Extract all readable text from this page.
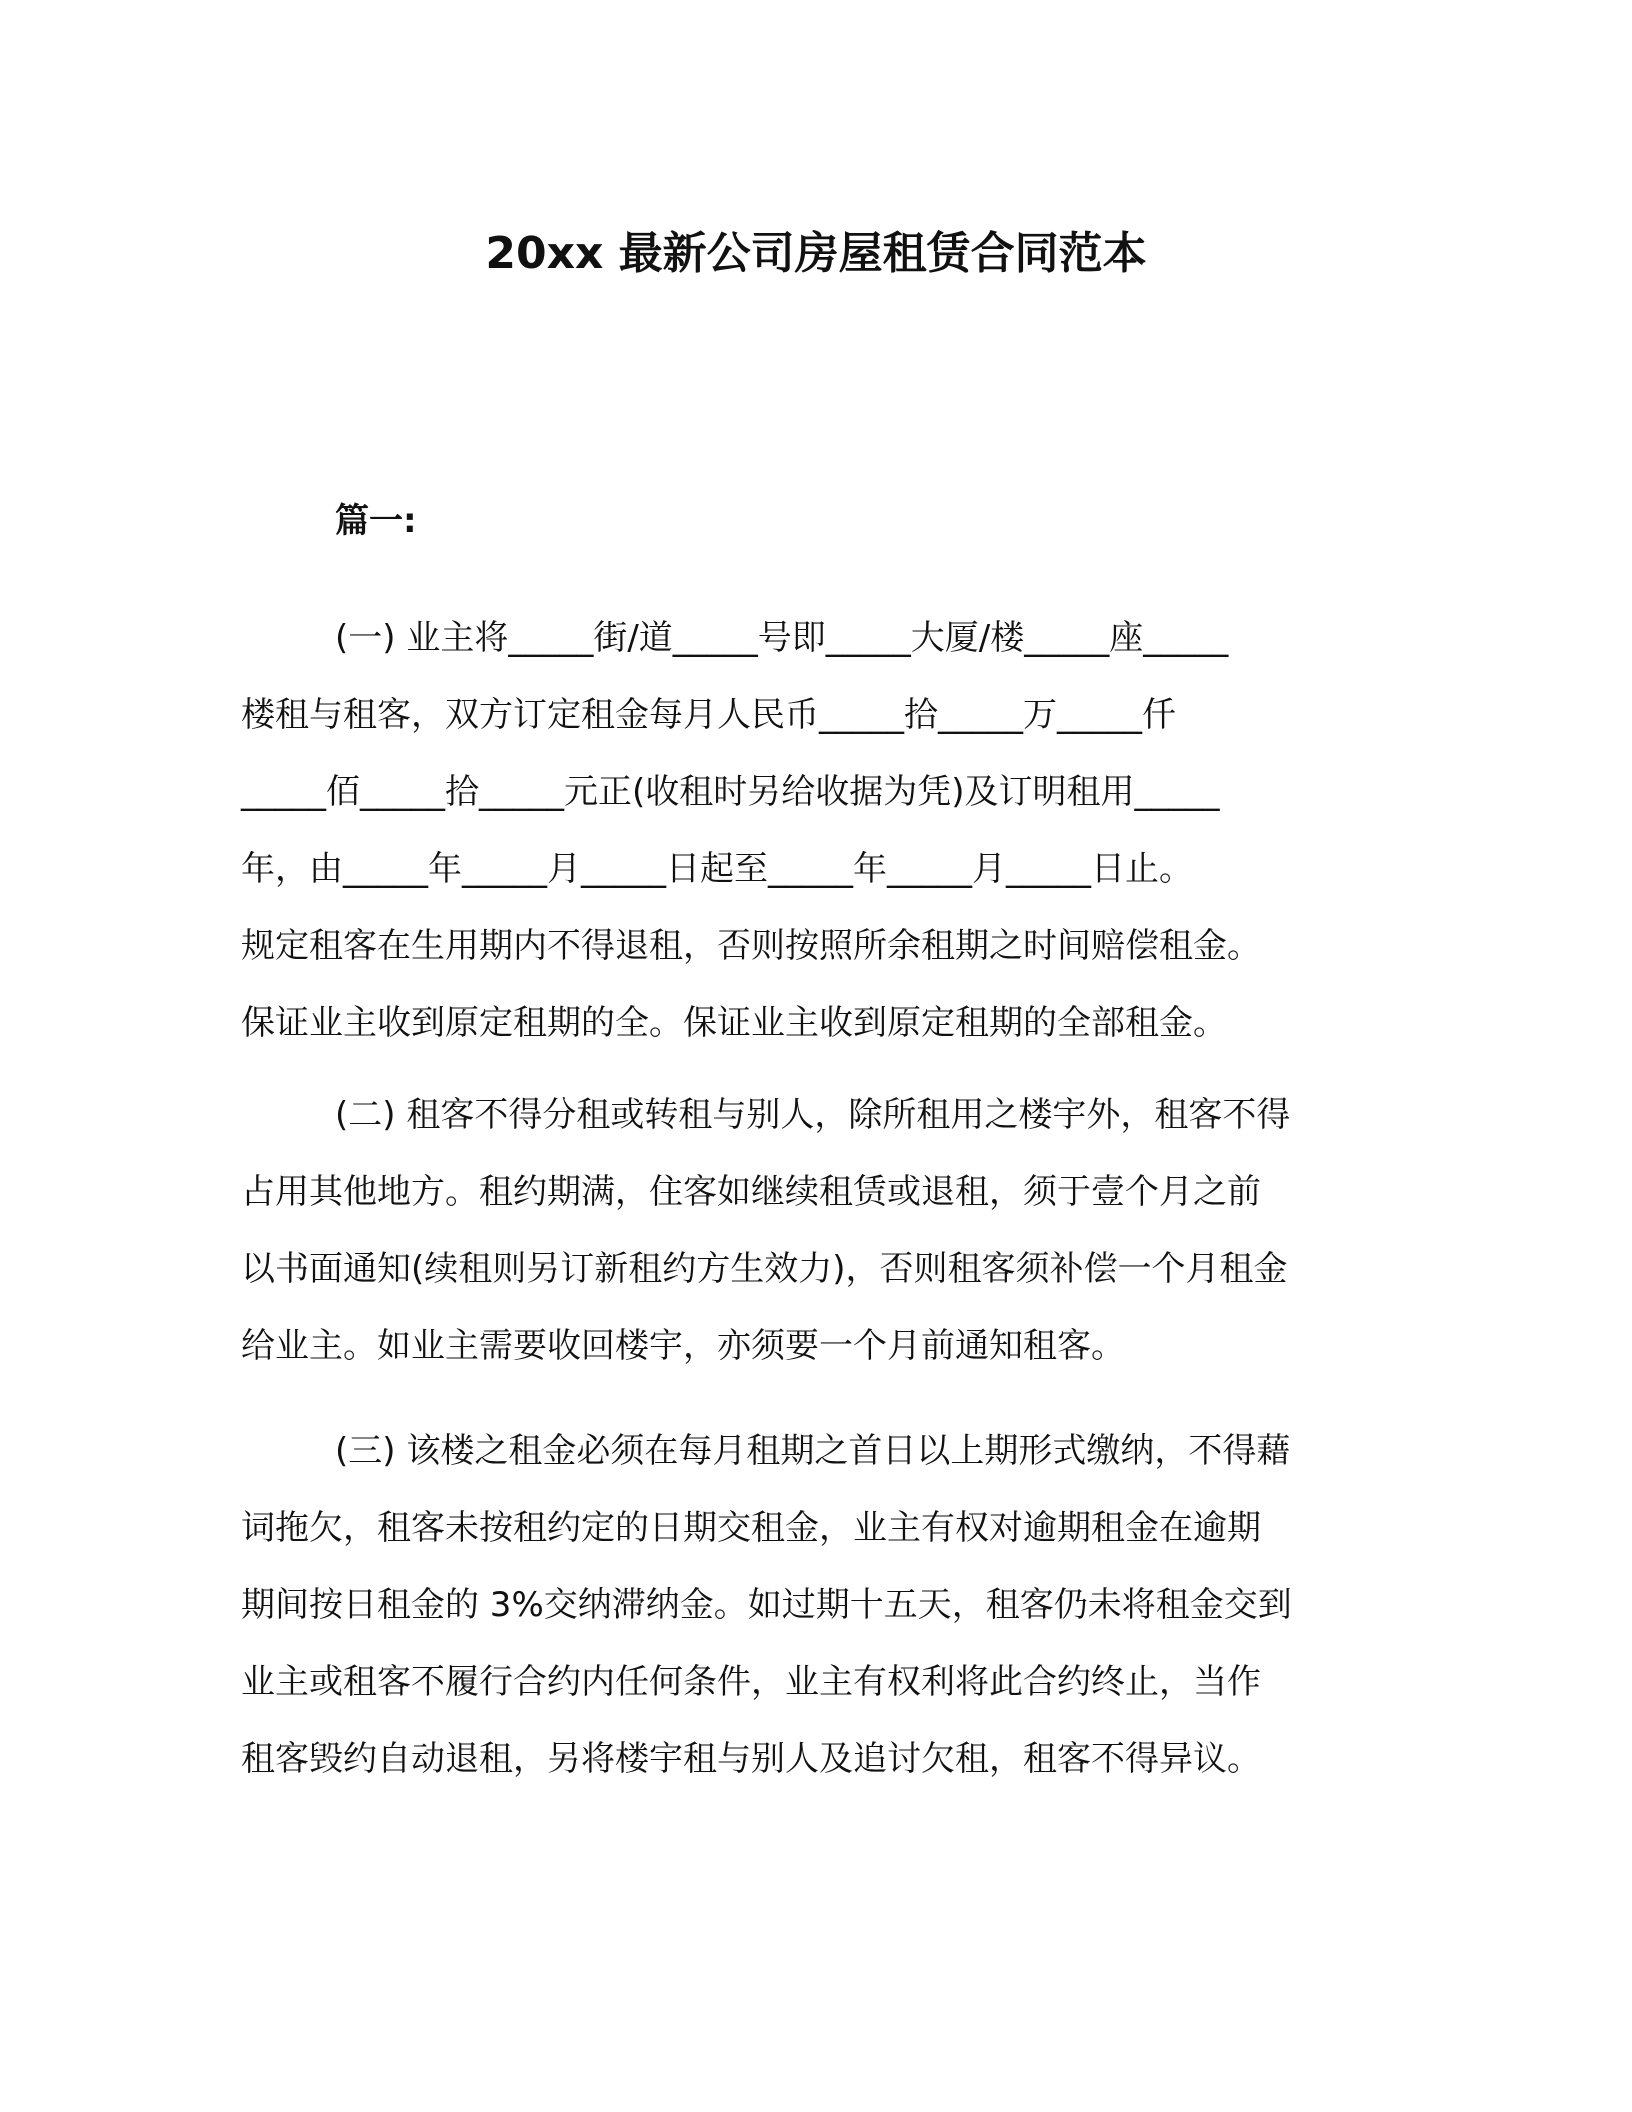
20xx 最新公司房屋租赁合同范本
篇一:
(一) 业主将_____街/道_____号即_____大厦/楼_____座_____
楼租与租客，双方订定租金每月人民币_____拾_____万_____仟
_____佰_____拾_____元正(收租时另给收据为凭)及订明租用_____
年，由_____年_____月_____日起至_____年_____月_____日止。
规定租客在生用期内不得退租，否则按照所余租期之时间赔偿租金。
保证业主收到原定租期的全。保证业主收到原定租期的全部租金。
(二) 租客不得分租或转租与别人，除所租用之楼宇外，租客不得
占用其他地方。租约期满，住客如继续租赁或退租，须于壹个月之前
以书面通知(续租则另订新租约方生效力)，否则租客须补偿一个月租金
给业主。如业主需要收回楼宇，亦须要一个月前通知租客。
(三) 该楼之租金必须在每月租期之首日以上期形式缴纳，不得藉
词拖欠，租客未按租约定的日期交租金，业主有权对逾期租金在逾期
期间按日租金的 3%交纳滞纳金。如过期十五天，租客仍未将租金交到
业主或租客不履行合约内任何条件，业主有权利将此合约终止，当作
租客毁约自动退租，另将楼宇租与别人及追讨欠租，租客不得异议。
